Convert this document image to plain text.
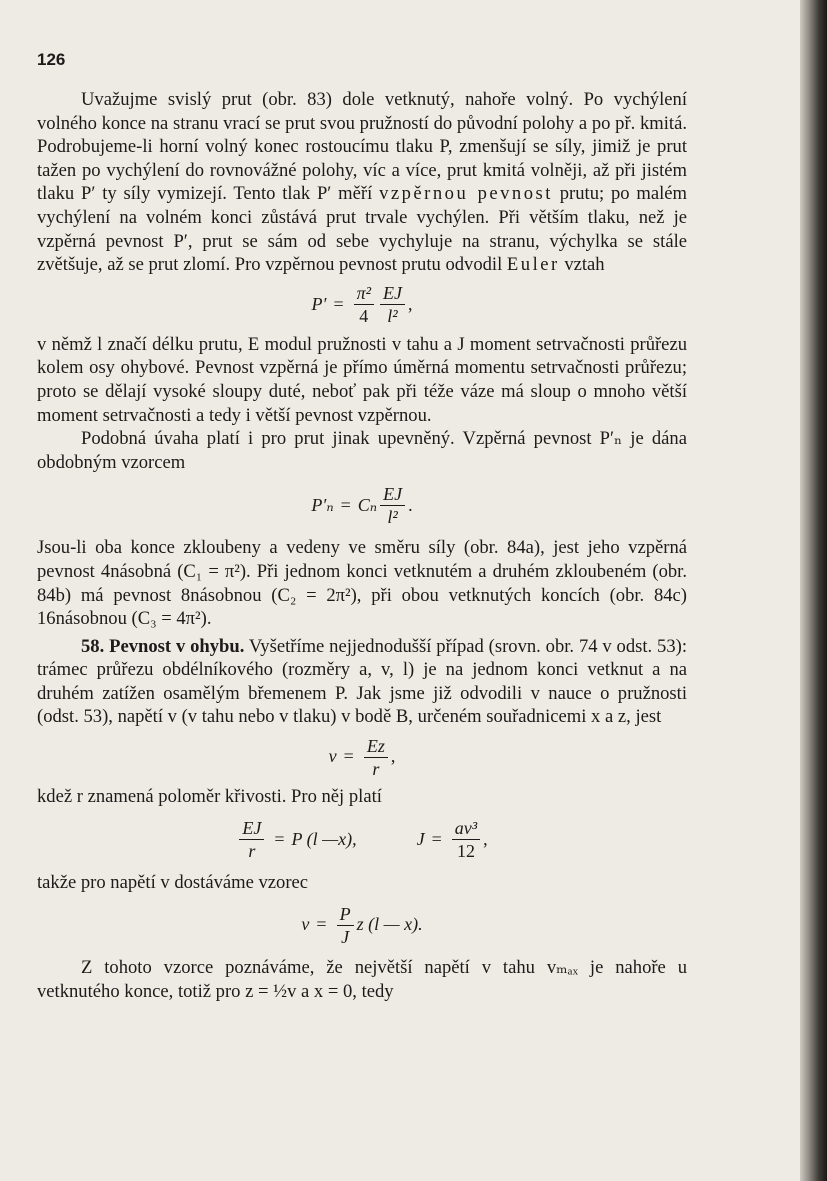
126

Uvažujme svislý prut (obr. 83) dole vetknutý, nahoře volný. Po vychýlení volného konce na stranu vrací se prut svou pružností do původní polohy a po př. kmitá. Podrobujeme-li horní volný konec rostoucímu tlaku P, zmenšují se síly, jimiž je prut tažen po vychýlení do rovnovážné polohy, víc a více, prut kmitá volněji, až při jistém tlaku P′ ty síly vymizejí. Tento tlak P′ měří vzpěrnou pevnost prutu; po malém vychýlení na volném konci zůstává prut trvale vychýlen. Při větším tlaku, než je vzpěrná pevnost P′, prut se sám od sebe vychyluje na stranu, výchylka se stále zvětšuje, až se prut zlomí. Pro vzpěrnou pevnost prutu odvodil Euler vztah

$P' = \frac{\text{π²}}{4} \frac{EJ}{\text{l²}}$ ,

v němž l značí délku prutu, E modul pružnosti v tahu a J moment setrvačnosti průřezu kolem osy ohybové. Pevnost vzpěrná je přímo úměrná momentu setrvačnosti průřezu; proto se dělají vysoké sloupy duté, neboť pak při téže váze má sloup o mnoho větší moment setrvačnosti a tedy i větší pevnost vzpěrnou.

Podobná úvaha platí i pro prut jinak upevněný. Vzpěrná pevnost P′ₙ je dána obdobným vzorcem

P′ₙ = Cₙ $\frac{EJ}{\text{l²}}$ .

Jsou-li oba konce zkloubeny a vedeny ve směru síly (obr. 84a), jest jeho vzpěrná pevnost 4násobná (C₁ = π²). Při jednom konci vetknutém a druhém zkloubeném (obr. 84b) má pevnost 8násobnou (C₂ = 2π²), při obou vetknutých koncích (obr. 84c) 16násobnou (C₃ = 4π²).

58. Pevnost v ohybu. Vyšetříme nejjednodušší případ (srovn. obr. 74 v odst. 53): trámec průřezu obdélníkového (rozměry a, v, l) je na jednom konci vetknut a na druhém zatížen osamělým břemenem P. Jak jsme již odvodili v nauce o pružnosti (odst. 53), napětí v (v tahu nebo v tlaku) v bodě B, určeném souřadnicemi x a z, jest

$v = \frac{Ez}{r}$ ,

kdež r znamená poloměr křivosti. Pro něj platí

$\frac{EJ}{r} = P$ (l —x),	$J = \frac{\text{av³}}{12}$ ,

takže pro napětí v dostáváme vzorec

$v = \frac{P}{J}$ z (l — x).

Z tohoto vzorce poznáváme, že největší napětí v tahu vₘₐₓ je nahoře u vetknutého konce, totiž pro z = ½v a x = 0, tedy
